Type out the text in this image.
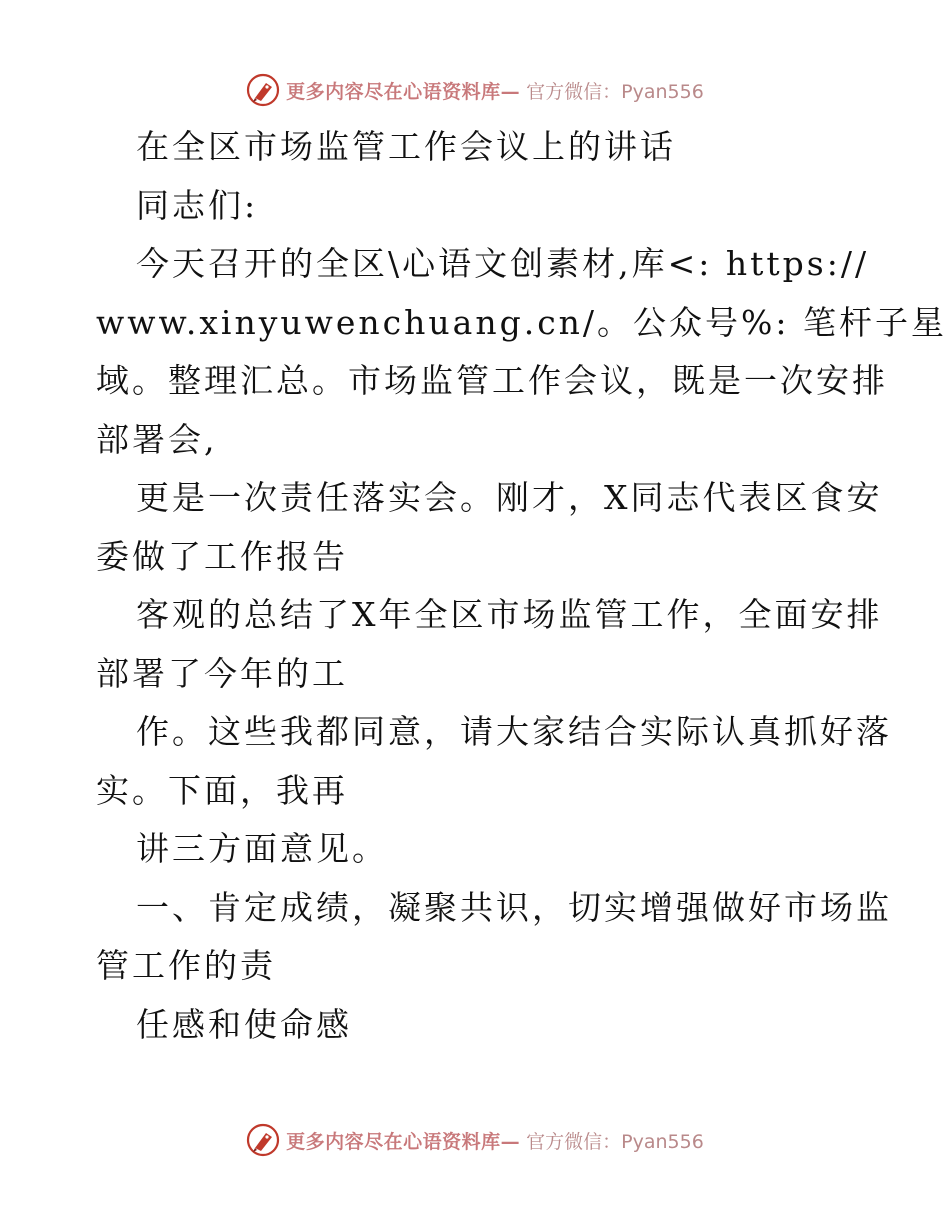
更多内容尽在心语资料库— 官方微信：Pyan556
在全区市场监管工作会议上的讲话
同志们:
今天召开的全区\心语文创素材,库<: https://
www.xinyuwenchuang.cn/。公众号%: 笔杆子星
域。整理汇总。市场监管工作会议，既是一次安排
部署会,
更是一次责任落实会。刚才，X同志代表区食安
委做了工作报告
客观的总结了X年全区市场监管工作，全面安排
部署了今年的工
作。这些我都同意，请大家结合实际认真抓好落
实。下面，我再
讲三方面意见。
一、肯定成绩，凝聚共识，切实增强做好市场监
管工作的责
任感和使命感
更多内容尽在心语资料库— 官方微信：Pyan556
